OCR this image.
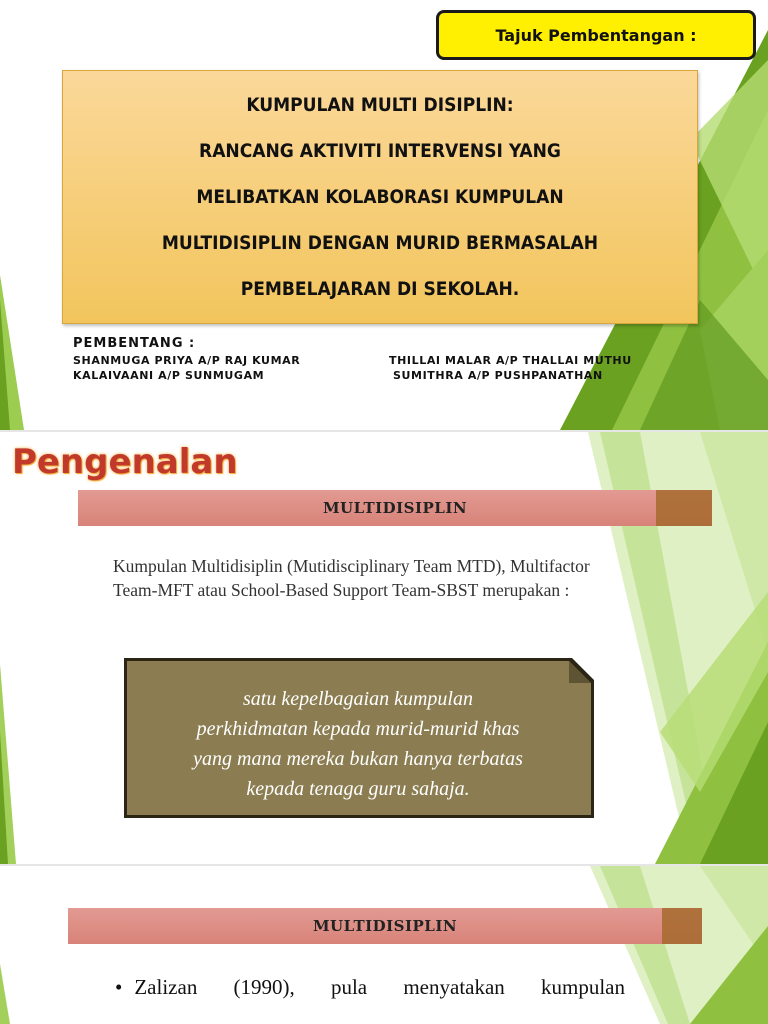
Tajuk Pembentangan :
KUMPULAN MULTI DISIPLIN:
RANCANG AKTIVITI INTERVENSI YANG
MELIBATKAN KOLABORASI KUMPULAN
MULTIDISIPLIN DENGAN MURID BERMASALAH
PEMBELAJARAN DI SEKOLAH.
PEMBENTANG :
SHANMUGA PRIYA A/P RAJ KUMAR	THILLAI MALAR A/P THALLAI MUTHU
KALAIVAANI A/P SUNMUGAM	SUMITHRA A/P PUSHPANATHAN
Pengenalan
MULTIDISIPLIN
Kumpulan Multidisiplin (Mutidisciplinary Team MTD), Multifactor Team-MFT atau School-Based Support Team-SBST merupakan :
satu kepelbagaian kumpulan
perkhidmatan kepada murid-murid khas
yang mana mereka bukan hanya terbatas
kepada tenaga guru sahaja.
MULTIDISIPLIN
• Zalizan (1990), pula menyatakan kumpulan
